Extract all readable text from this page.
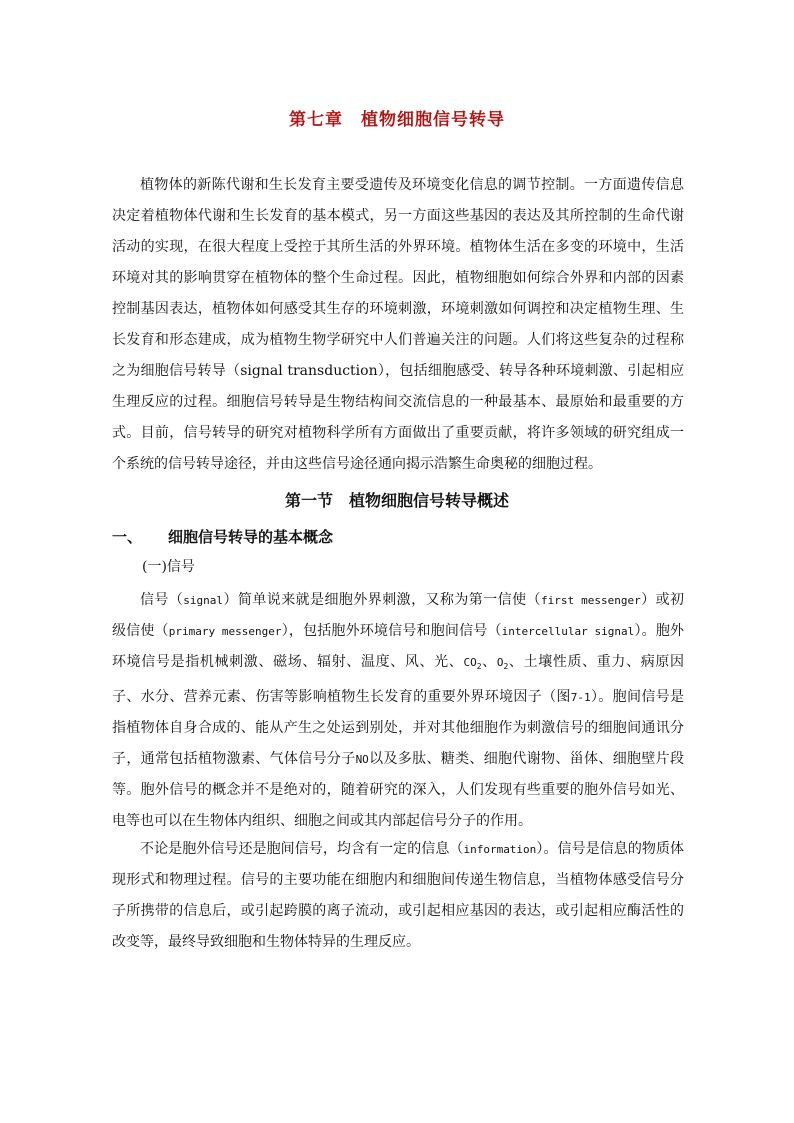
第七章　植物细胞信号转导

植物体的新陈代谢和生长发育主要受遗传及环境变化信息的调节控制。一方面遗传信息决定着植物体代谢和生长发育的基本模式，另一方面这些基因的表达及其所控制的生命代谢活动的实现，在很大程度上受控于其所生活的外界环境。植物体生活在多变的环境中，生活环境对其的影响贯穿在植物体的整个生命过程。因此，植物细胞如何综合外界和内部的因素控制基因表达，植物体如何感受其生存的环境刺激，环境刺激如何调控和决定植物生理、生长发育和形态建成，成为植物生物学研究中人们普遍关注的问题。人们将这些复杂的过程称之为细胞信号转导（signal transduction），包括细胞感受、转导各种环境刺激、引起相应生理反应的过程。细胞信号转导是生物结构间交流信息的一种最基本、最原始和最重要的方式。目前，信号转导的研究对植物科学所有方面做出了重要贡献，将许多领域的研究组成一个系统的信号转导途径，并由这些信号途径通向揭示浩繁生命奥秘的细胞过程。

第一节　植物细胞信号转导概述
一、 细胞信号转导的基本概念
(一)信号

信号（signal）简单说来就是细胞外界刺激，又称为第一信使（first messenger）或初级信使（primary messenger），包括胞外环境信号和胞间信号（intercellular signal）。胞外环境信号是指机械刺激、磁场、辐射、温度、风、光、$CO_2$、$O_2$、土壤性质、重力、病原因子、水分、营养元素、伤害等影响植物生长发育的重要外界环境因子（图7-1）。胞间信号是指植物体自身合成的、能从产生之处运到别处，并对其他细胞作为刺激信号的细胞间通讯分子，通常包括植物激素、气体信号分子NO以及多肽、糖类、细胞代谢物、甾体、细胞壁片段等。胞外信号的概念并不是绝对的，随着研究的深入，人们发现有些重要的胞外信号如光、电等也可以在生物体内组织、细胞之间或其内部起信号分子的作用。

不论是胞外信号还是胞间信号，均含有一定的信息（information）。信号是信息的物质体现形式和物理过程。信号的主要功能在细胞内和细胞间传递生物信息，当植物体感受信号分子所携带的信息后，或引起跨膜的离子流动，或引起相应基因的表达，或引起相应酶活性的改变等，最终导致细胞和生物体特异的生理反应。
